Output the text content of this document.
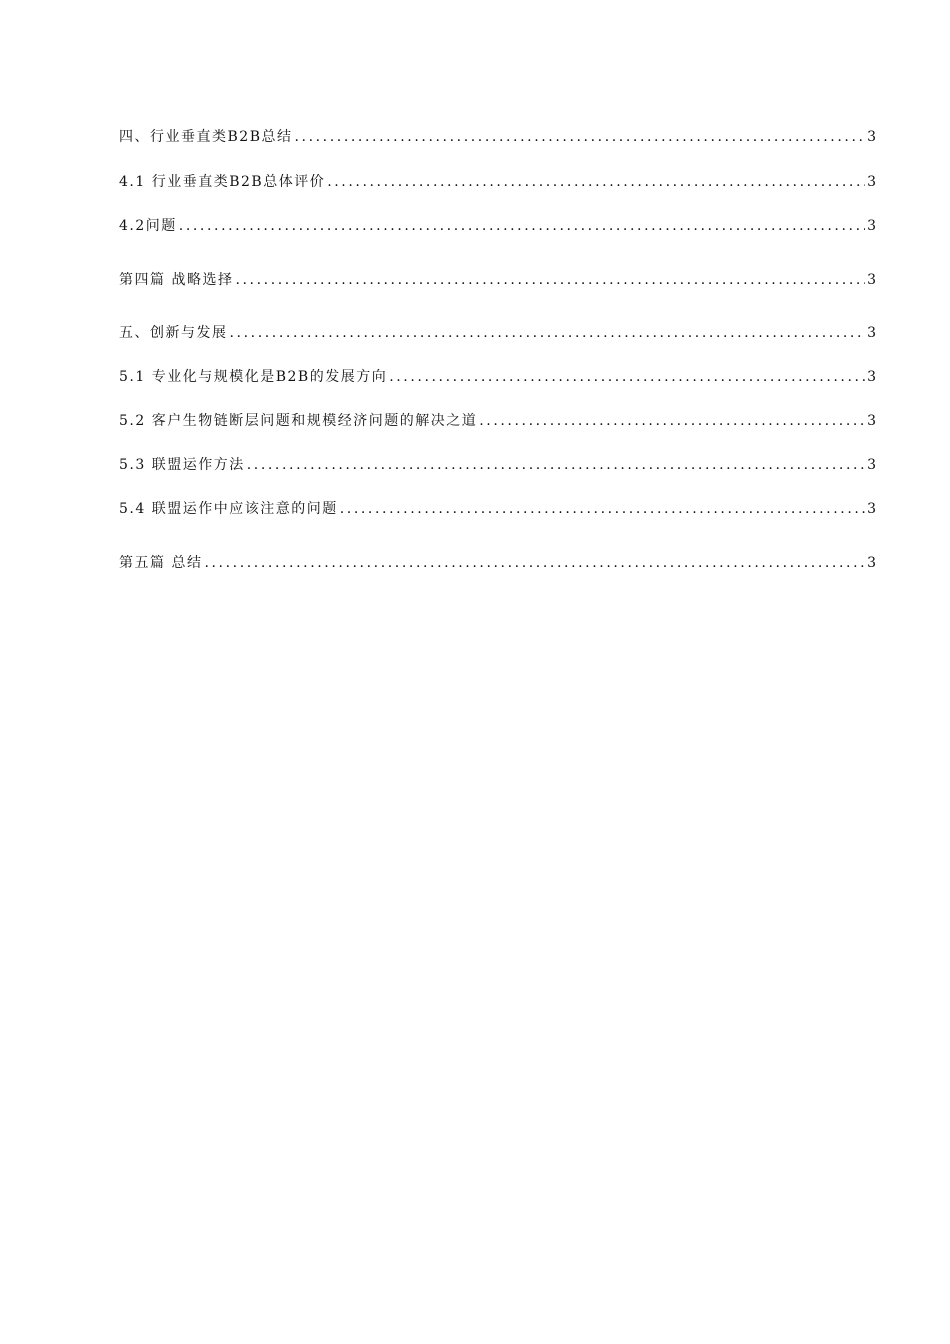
四、行业垂直类B2B总结 .....	3
4.1 行业垂直类B2B总体评价 .....	3
4.2问题 .....	3
第四篇 战略选择 .....	3
五、创新与发展 .....	3
5.1 专业化与规模化是B2B的发展方向 .....	3
5.2 客户生物链断层问题和规模经济问题的解决之道 .....	3
5.3 联盟运作方法 .....	3
5.4 联盟运作中应该注意的问题 .....	3
第五篇 总结 .....	3
